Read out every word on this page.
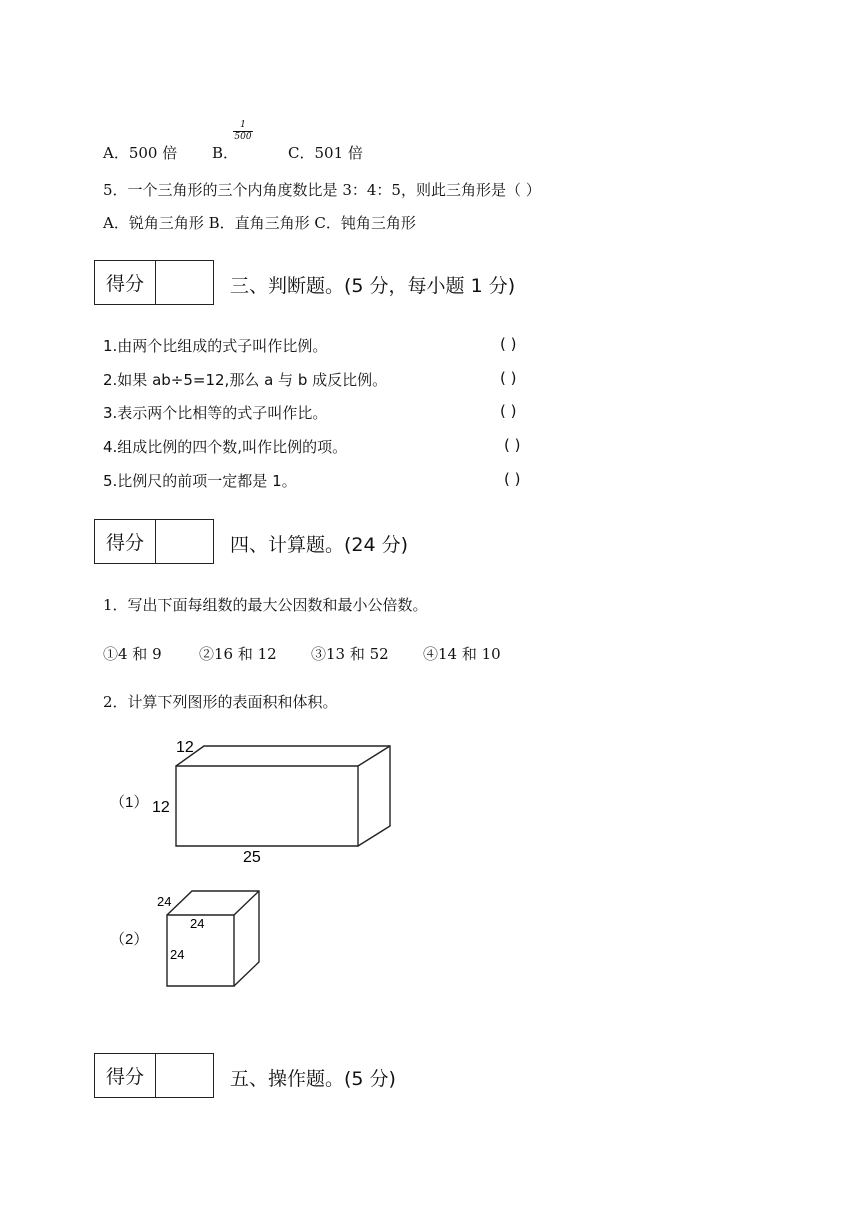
A．500 倍 B．
$\frac{1}{500}$
C．501 倍
5．一个三角形的三个内角度数比是 3：4：5，则此三角形是（ ）
A．锐角三角形 B．直角三角形 C．钝角三角形
得分	三、判断题。(5 分，每小题 1 分)
1.由两个比组成的式子叫作比例。	( )
2.如果 ab÷5=12,那么 a 与 b 成反比例。	( )
3.表示两个比相等的式子叫作比。	( )
4.组成比例的四个数,叫作比例的项。	( )
5.比例尺的前项一定都是 1。	( )
得分	四、计算题。(24 分)
1．写出下面每组数的最大公因数和最小公倍数。
①4 和 9 ②16 和 12 ③13 和 52 ④14 和 10
2．计算下列图形的表面积和体积。
（1）
12
12
25
（2）
24
24
24
得分	五、操作题。(5 分)
